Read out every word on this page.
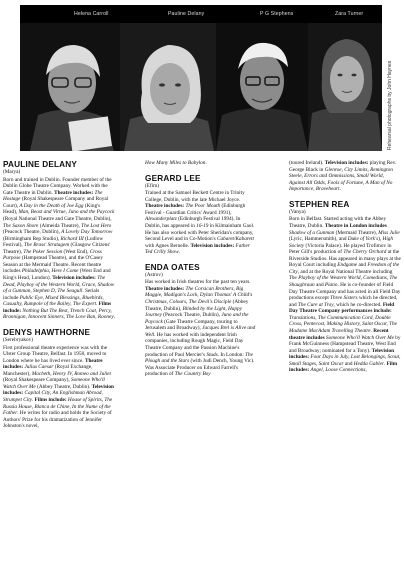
Helena Carroll	Pauline Delany	P G Stephens	Zara Turner
Rehearsal photographs by John Haynes

PAULINE DELANY

(Marya)

Born and trained in Dublin. Founder member of the Dublin Globe Theatre Company. Worked with the Gate Theatre in Dublin. Theatre includes: The Hostage (Royal Shakespeare Company and Royal Court), A Day in the Death of Joe Egg (King's Head), Man, Beast and Virtue, Juno and the Paycock (Royal National Theatre and Gate Theatre, Dublin), The Saxon Shore (Almeida Theatre), The Lost Hero (Peacock Theatre, Dublin), A Lovely Day Tomorrow (Birmingham Rep Studio), Richard III (Ludlow Festival), The Brass' Stratagem (Glasgow Citizens' Theatre), The Poker Session (West End), Cross Purpose (Hampstead Theatre), and the O'Casey Season at the Mermaid Theatre. Recent theatre includes Philadelphia, Here I Come (West End and King's Head, London). Television includes: The Dead, Playboy of the Western World, Grace, Shadow of a Gunman, Stephen D, The Seagull. Serials include Public Eye, Mixed Blessings, Bluebirds, Casualty, Rumpole of the Bailey, The Expert. Films include: Nothing But The Best, Trench Coat, Percy, Brannigan, Innocent Sinners, The Love Ban, Rooney.

DENYS HAWTHORNE

(Serebryakov)

First professional theatre experience was with the Ulster Group Theatre, Belfast. In 1958, moved to London where he has lived ever since. Theatre includes: Julius Caesar (Royal Exchange, Manchester), Macbeth, Henry IV, Romeo and Juliet (Royal Shakespeare Company), Someone Who'll Watch Over Me (Abbey Theatre, Dublin). Television includes: Capital City, An Englishman Abroad, Strumpet City. Films include: House of Spirits, The Russia House, Blanca de Chine, In the Name of the Father. He writes for radio and holds the Society of Authors' Prize for his dramatization of Jennifer Johnston's novel,

How Many Miles to Babylon.

GERARD LEE

(Efim)

Trained at the Samuel Beckett Centre in Trinity College, Dublin, with the late Michael Joyce. Theatre includes: The Poor Mouth (Edinburgh Festival - Guardian Critics' Award 1991), Alexanderplatz (Edinburgh Festival 1994). In Dublin, has appeared in 16-19 in Kilmainham Gaol. He has also worked with Peter Sheridan's company, Second Level and in Co-Motion's Cabaret/Kabarett with Agnes Bernelle. Television includes: Father Ted Crilly Show.

ENDA OATES

(Astrov)

Has worked in Irish theatres for the past ten years. Theatre includes: The Corsican Brothers, Big Maggie, Madigan's Lock, Dylan Thomas' A Child's Christmas, Colours, The Devil's Disciple (Abbey Theatre, Dublin), Blinded by the Light, Happy Journey (Peacock Theatre, Dublin), Juno and the Paycock (Gate Theatre Company, touring to Jerusalem and Broadway), Jacques Brel is Alive and Well. He has worked with independent Irish companies, including Rough Magic, Field Day Theatre Company and the Passion Machine's production of Paul Mercier's Studs. In London: The Plough and the Stars (with Judi Dench, Young Vic). Was Associate Producer on Edward Farrell's production of The Country Boy

(toured Ireland). Television includes: playing Rev. George Black in Glenroe, City Limits, Remington Steele, Errors and Ommissions, Small World, Against All Odds, Fools of Fortune, A Man of No Importance, Braveheart.

STEPHEN REA

(Vanya)

Born in Belfast. Started acting with the Abbey Theatre, Dublin. Theatre in London includes Shadow of a Gunman (Mermaid Theatre), Miss Julie (Lyric, Hammersmith), and Duke of York's), High Society (Victoria Palace). He played Trofimov in Peter Gill's production of The Cherry Orchard at the Riverside Studios. Has appeared in many plays at the Royal Court including Endgame and Freedom of the City, and at the Royal National Theatre including The Playboy of the Western World, Comedians, The Shaughraun and Piano. He is co-founder of Field Day Theatre Company and has acted in all Field Day productions except Three Sisters which he directed, and The Cure at Troy, which he co-directed. Field Day Theatre Company performances include: Translations, The Communication Cord, Double Cross, Pentecost, Making History, Saint Oscar, The Madame MacAdam Travelling Theatre. Recent theatre includes Someone Who'll Watch Over Me by Frank McGuinness (Hampstead Theatre, West End and Broadway; nominated for a Tony). Television includes: Four Days in July, Lost Belongings, Scout, Small Stages, Saint Oscar and Hedda Gabler. Film includes: Angel, Loose Connections,
